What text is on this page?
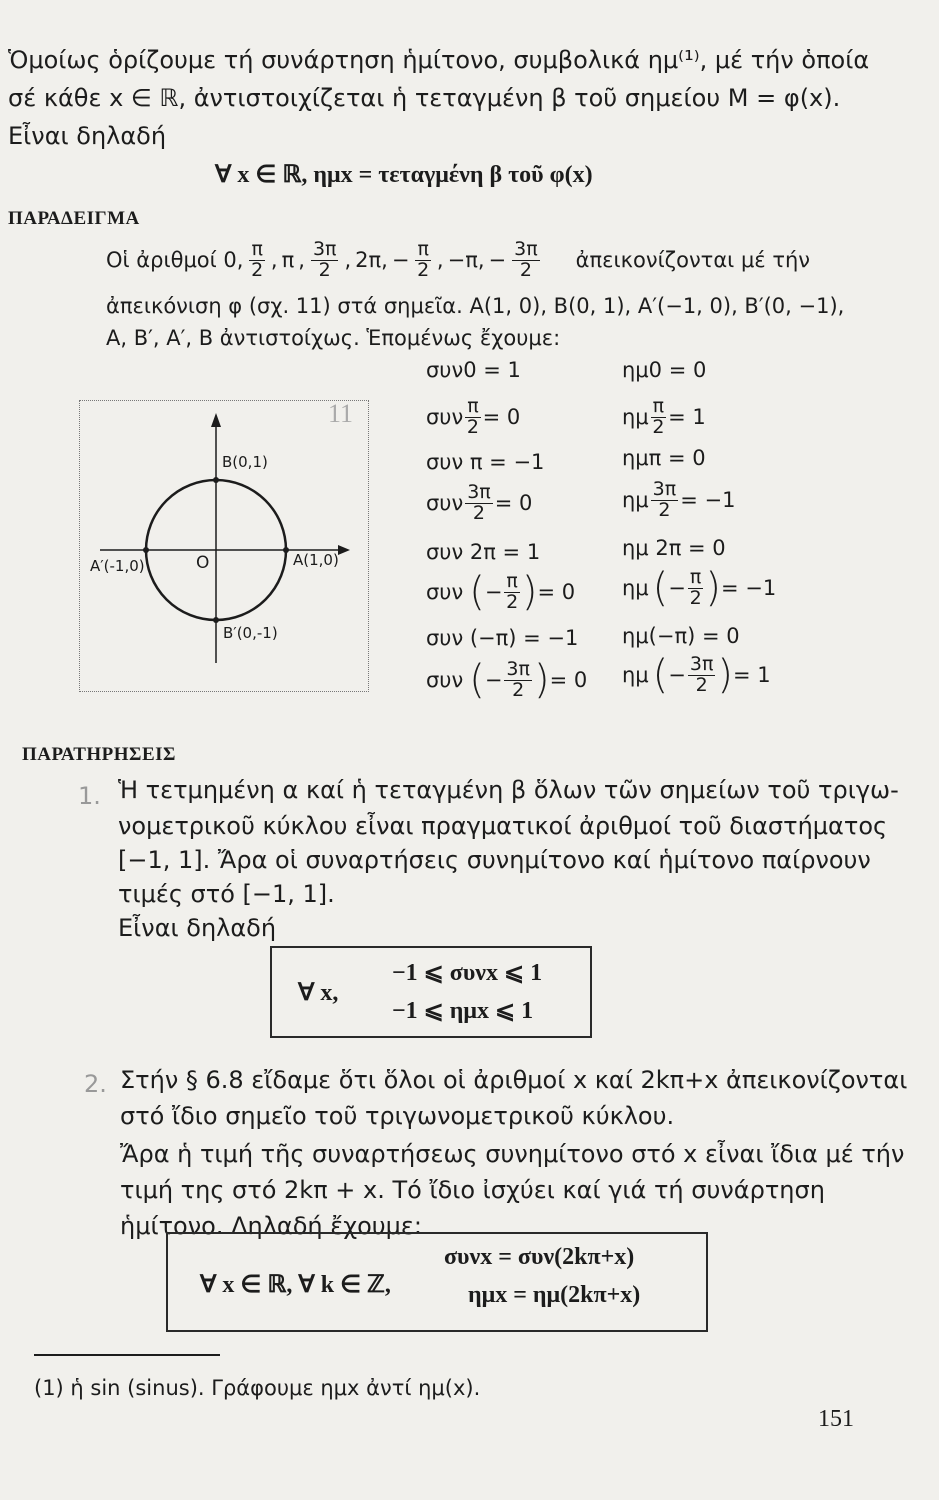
Ὁμοίως ὁρίζουμε τή συνάρτηση ἡμίτονο, συμβολικά ημ⁽¹⁾, μέ τήν ὁποία
σέ κάθε x ∈ ℝ, ἀντιστοιχίζεται ἡ τεταγμένη β τοῦ σημείου M = φ(x).
Εἶναι δηλαδή
∀ x ∈ ℝ, ημx = τεταγμένη β τοῦ φ(x)
ΠΑΡΑΔΕΙΓΜΑ
Οἱ ἀριθμοί 0, $\frac{\pi}{2}$ , π , $\frac{3\pi}{2}$ , 2π, − $\frac{\pi}{2}$ , −π, − $\frac{3\pi}{2}$ ἀπεικονίζονται μέ τήν
ἀπεικόνιση φ (σχ. 11) στά σημεῖα. A(1, 0), B(0, 1), A′(−1, 0), B′(0, −1),
A, B′, A′, B ἀντιστοίχως. Ἑπομένως ἔχουμε:
11
B(0,1)
A(1,0)
A′(-1,0)
B′(0,-1)
O
συν0 = 1
συν $\frac{\pi}{2} = 0$
συν π = −1
συν $\frac{3\pi}{2} = 0$
συν 2π = 1
συν ( − $\frac{\pi}{2}$ ) = 0
συν (−π) = −1
συν ( − $\frac{3\pi}{2}$ ) = 0
ημ0 = 0
ημ $\frac{\pi}{2} = 1$
ημπ = 0
ημ $\frac{3\pi}{2} = -1$
ημ 2π = 0
ημ ( − $\frac{\pi}{2}$ ) = −1
ημ(−π) = 0
ημ ( − $\frac{3\pi}{2}$ ) = 1
ΠΑΡΑΤΗΡΗΣΕΙΣ
1. Ἡ τετμημένη α καί ἡ τεταγμένη β ὅλων τῶν σημείων τοῦ τριγω-
νομετρικοῦ κύκλου εἶναι πραγματικοί ἀριθμοί τοῦ διαστήματος
[−1, 1]. Ἄρα οἱ συναρτήσεις συνημίτονο καί ἡμίτονο παίρνουν
τιμές στό [−1, 1].
Εἶναι δηλαδή
∀ x,
−1 ⩽ συνx ⩽ 1
−1 ⩽ ημx ⩽ 1
2. Στήν § 6.8 εἴδαμε ὅτι ὅλοι οἱ ἀριθμοί x καί 2kπ+x ἀπεικονίζονται
στό ἴδιο σημεῖο τοῦ τριγωνομετρικοῦ κύκλου.
Ἄρα ἡ τιμή τῆς συναρτήσεως συνημίτονο στό x εἶναι ἴδια μέ τήν
τιμή της στό 2kπ + x. Τό ἴδιο ἰσχύει καί γιά τή συνάρτηση
ἡμίτονο. Δηλαδή ἔχουμε:
∀ x ∈ ℝ, ∀ k ∈ ℤ,
συνx = συν(2kπ+x)
ημx = ημ(2kπ+x)
(1) ἡ sin (sinus). Γράφουμε ημx ἀντί ημ(x).
151
